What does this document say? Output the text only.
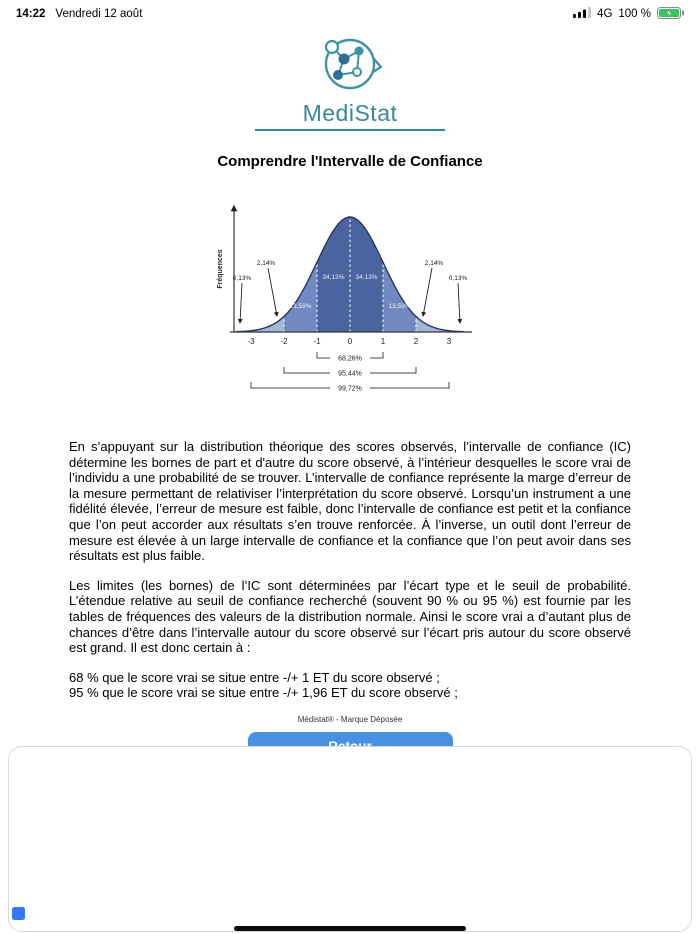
14:22 Vendredi 12 août	4G 100 %
MediStat
Comprendre l'Intervalle de Confiance
Fréquences
-3	-2	-1	0	1	2	3
34,13% 34,13%
13,59%	13,59%
2,14%	2,14%
0,13%	0,13%
68,26%
95,44%
99,72%

En s’appuyant sur la distribution théorique des scores observés, l’intervalle de confiance (IC) détermine les bornes de part et d'autre du score observé, à l’intérieur desquelles le score vrai de l’individu a une probabilité de se trouver. L’intervalle de confiance représente la marge d’erreur de la mesure permettant de relativiser l’interprétation du score observé. Lorsqu’un instrument a une fidélité élevée, l’erreur de mesure est faible, donc l’intervalle de confiance est petit et la confiance que l’on peut accorder aux résultats s’en trouve renforcée. À l’inverse, un outil dont l’erreur de mesure est élevée à un large intervalle de confiance et la confiance que l’on peut avoir dans ses résultats est plus faible.

Les limites (les bornes) de l’IC sont déterminées par l’écart type et le seuil de probabilité. L’étendue relative au seuil de confiance recherché (souvent 90 % ou 95 %) est fournie par les tables de fréquences des valeurs de la distribution normale. Ainsi le score vrai a d’autant plus de chances d’être dans l’intervalle autour du score observé sur l’écart pris autour du score observé est grand. Il est donc certain à :

68 % que le score vrai se situe entre -/+ 1 ET du score observé ;
95 % que le score vrai se situe entre -/+ 1,96 ET du score observé ;
Médistat® - Marque Déposée
